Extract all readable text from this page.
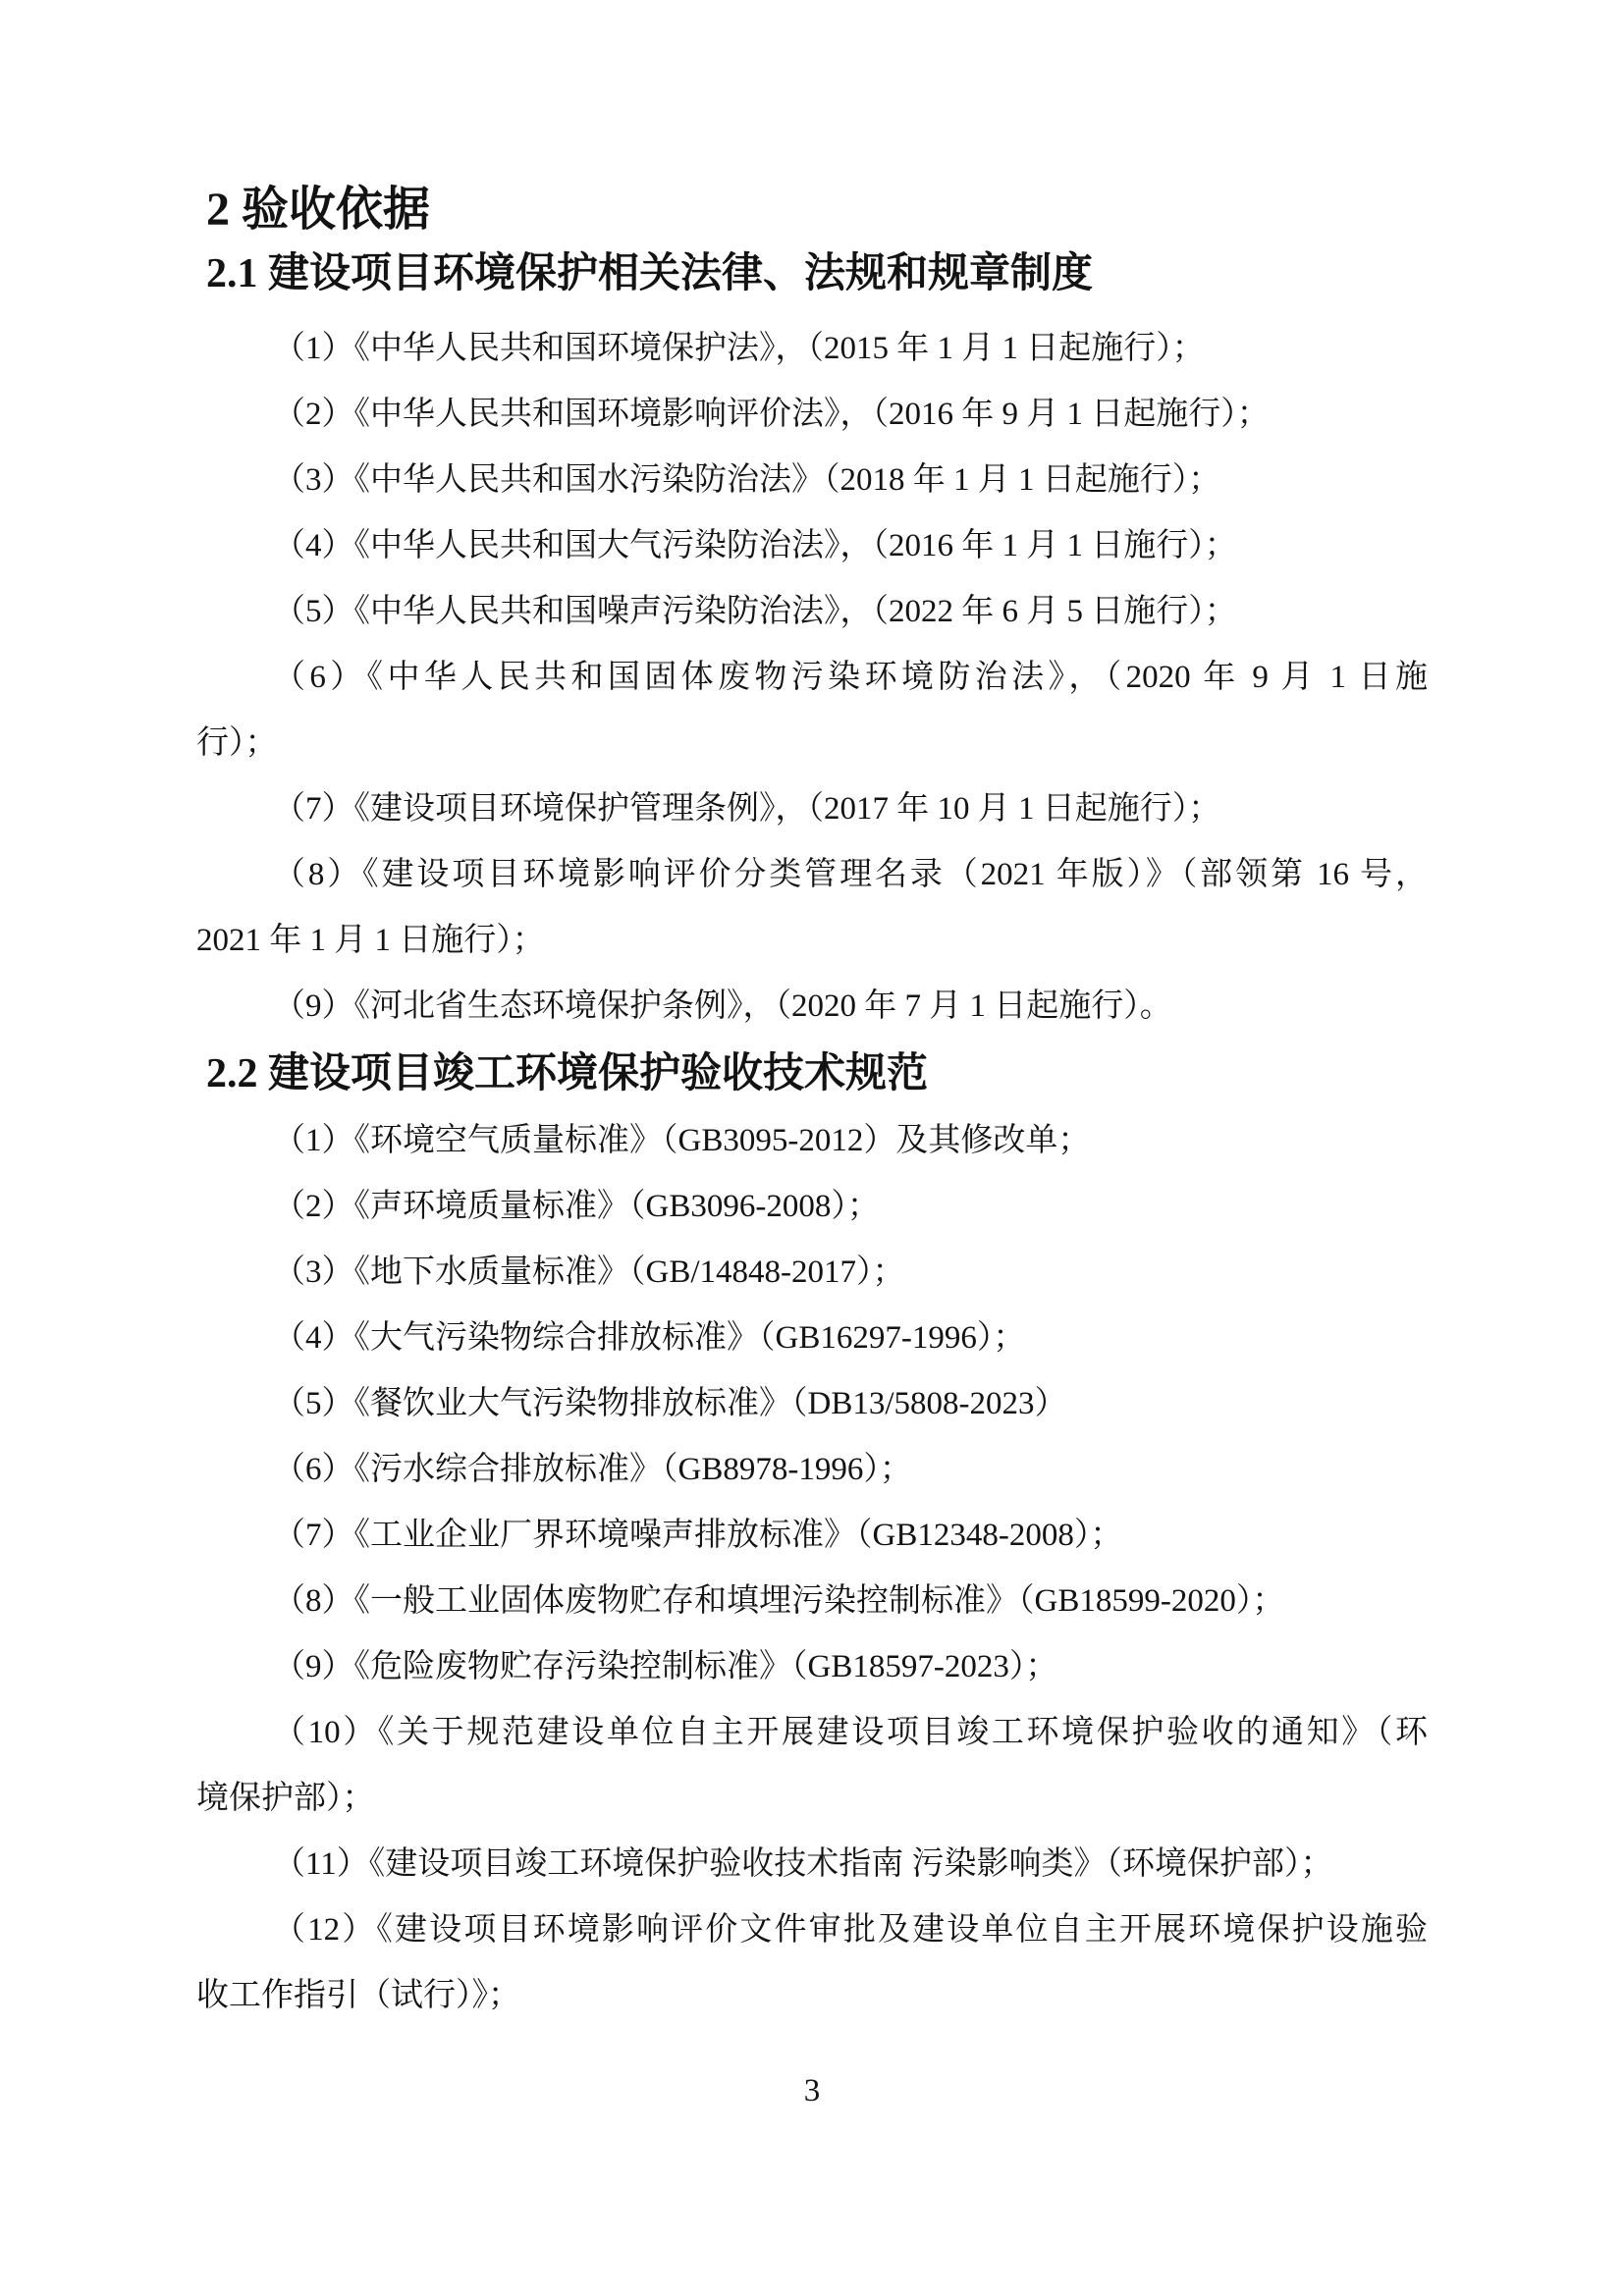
2 验收依据
2.1 建设项目环境保护相关法律、法规和规章制度
（1）《中华人民共和国环境保护法》，（2015 年 1 月 1 日起施行）；
（2）《中华人民共和国环境影响评价法》，（2016 年 9 月 1 日起施行）；
（3）《中华人民共和国水污染防治法》（2018 年 1 月 1 日起施行）；
（4）《中华人民共和国大气污染防治法》，（2016 年 1 月 1 日施行）；
（5）《中华人民共和国噪声污染防治法》，（2022 年 6 月 5 日施行）；
（6）《中华人民共和国固体废物污染环境防治法》，（2020 年 9 月 1 日施
行）；
（7）《建设项目环境保护管理条例》，（2017 年 10 月 1 日起施行）；
（8）《建设项目环境影响评价分类管理名录（2021 年版）》（部领第 16 号，
2021 年 1 月 1 日施行）；
（9）《河北省生态环境保护条例》，（2020 年 7 月 1 日起施行）。
2.2 建设项目竣工环境保护验收技术规范
（1）《环境空气质量标准》（GB3095-2012）及其修改单；
（2）《声环境质量标准》（GB3096-2008）；
（3）《地下水质量标准》（GB/14848-2017）；
（4）《大气污染物综合排放标准》（GB16297-1996）；
（5）《餐饮业大气污染物排放标准》（DB13/5808-2023）
（6）《污水综合排放标准》（GB8978-1996）；
（7）《工业企业厂界环境噪声排放标准》（GB12348-2008）；
（8）《一般工业固体废物贮存和填埋污染控制标准》（GB18599-2020）；
（9）《危险废物贮存污染控制标准》（GB18597-2023）；
（10）《关于规范建设单位自主开展建设项目竣工环境保护验收的通知》（环
境保护部）；
（11）《建设项目竣工环境保护验收技术指南 污染影响类》（环境保护部）；
（12）《建设项目环境影响评价文件审批及建设单位自主开展环境保护设施验
收工作指引（试行）》；
3
